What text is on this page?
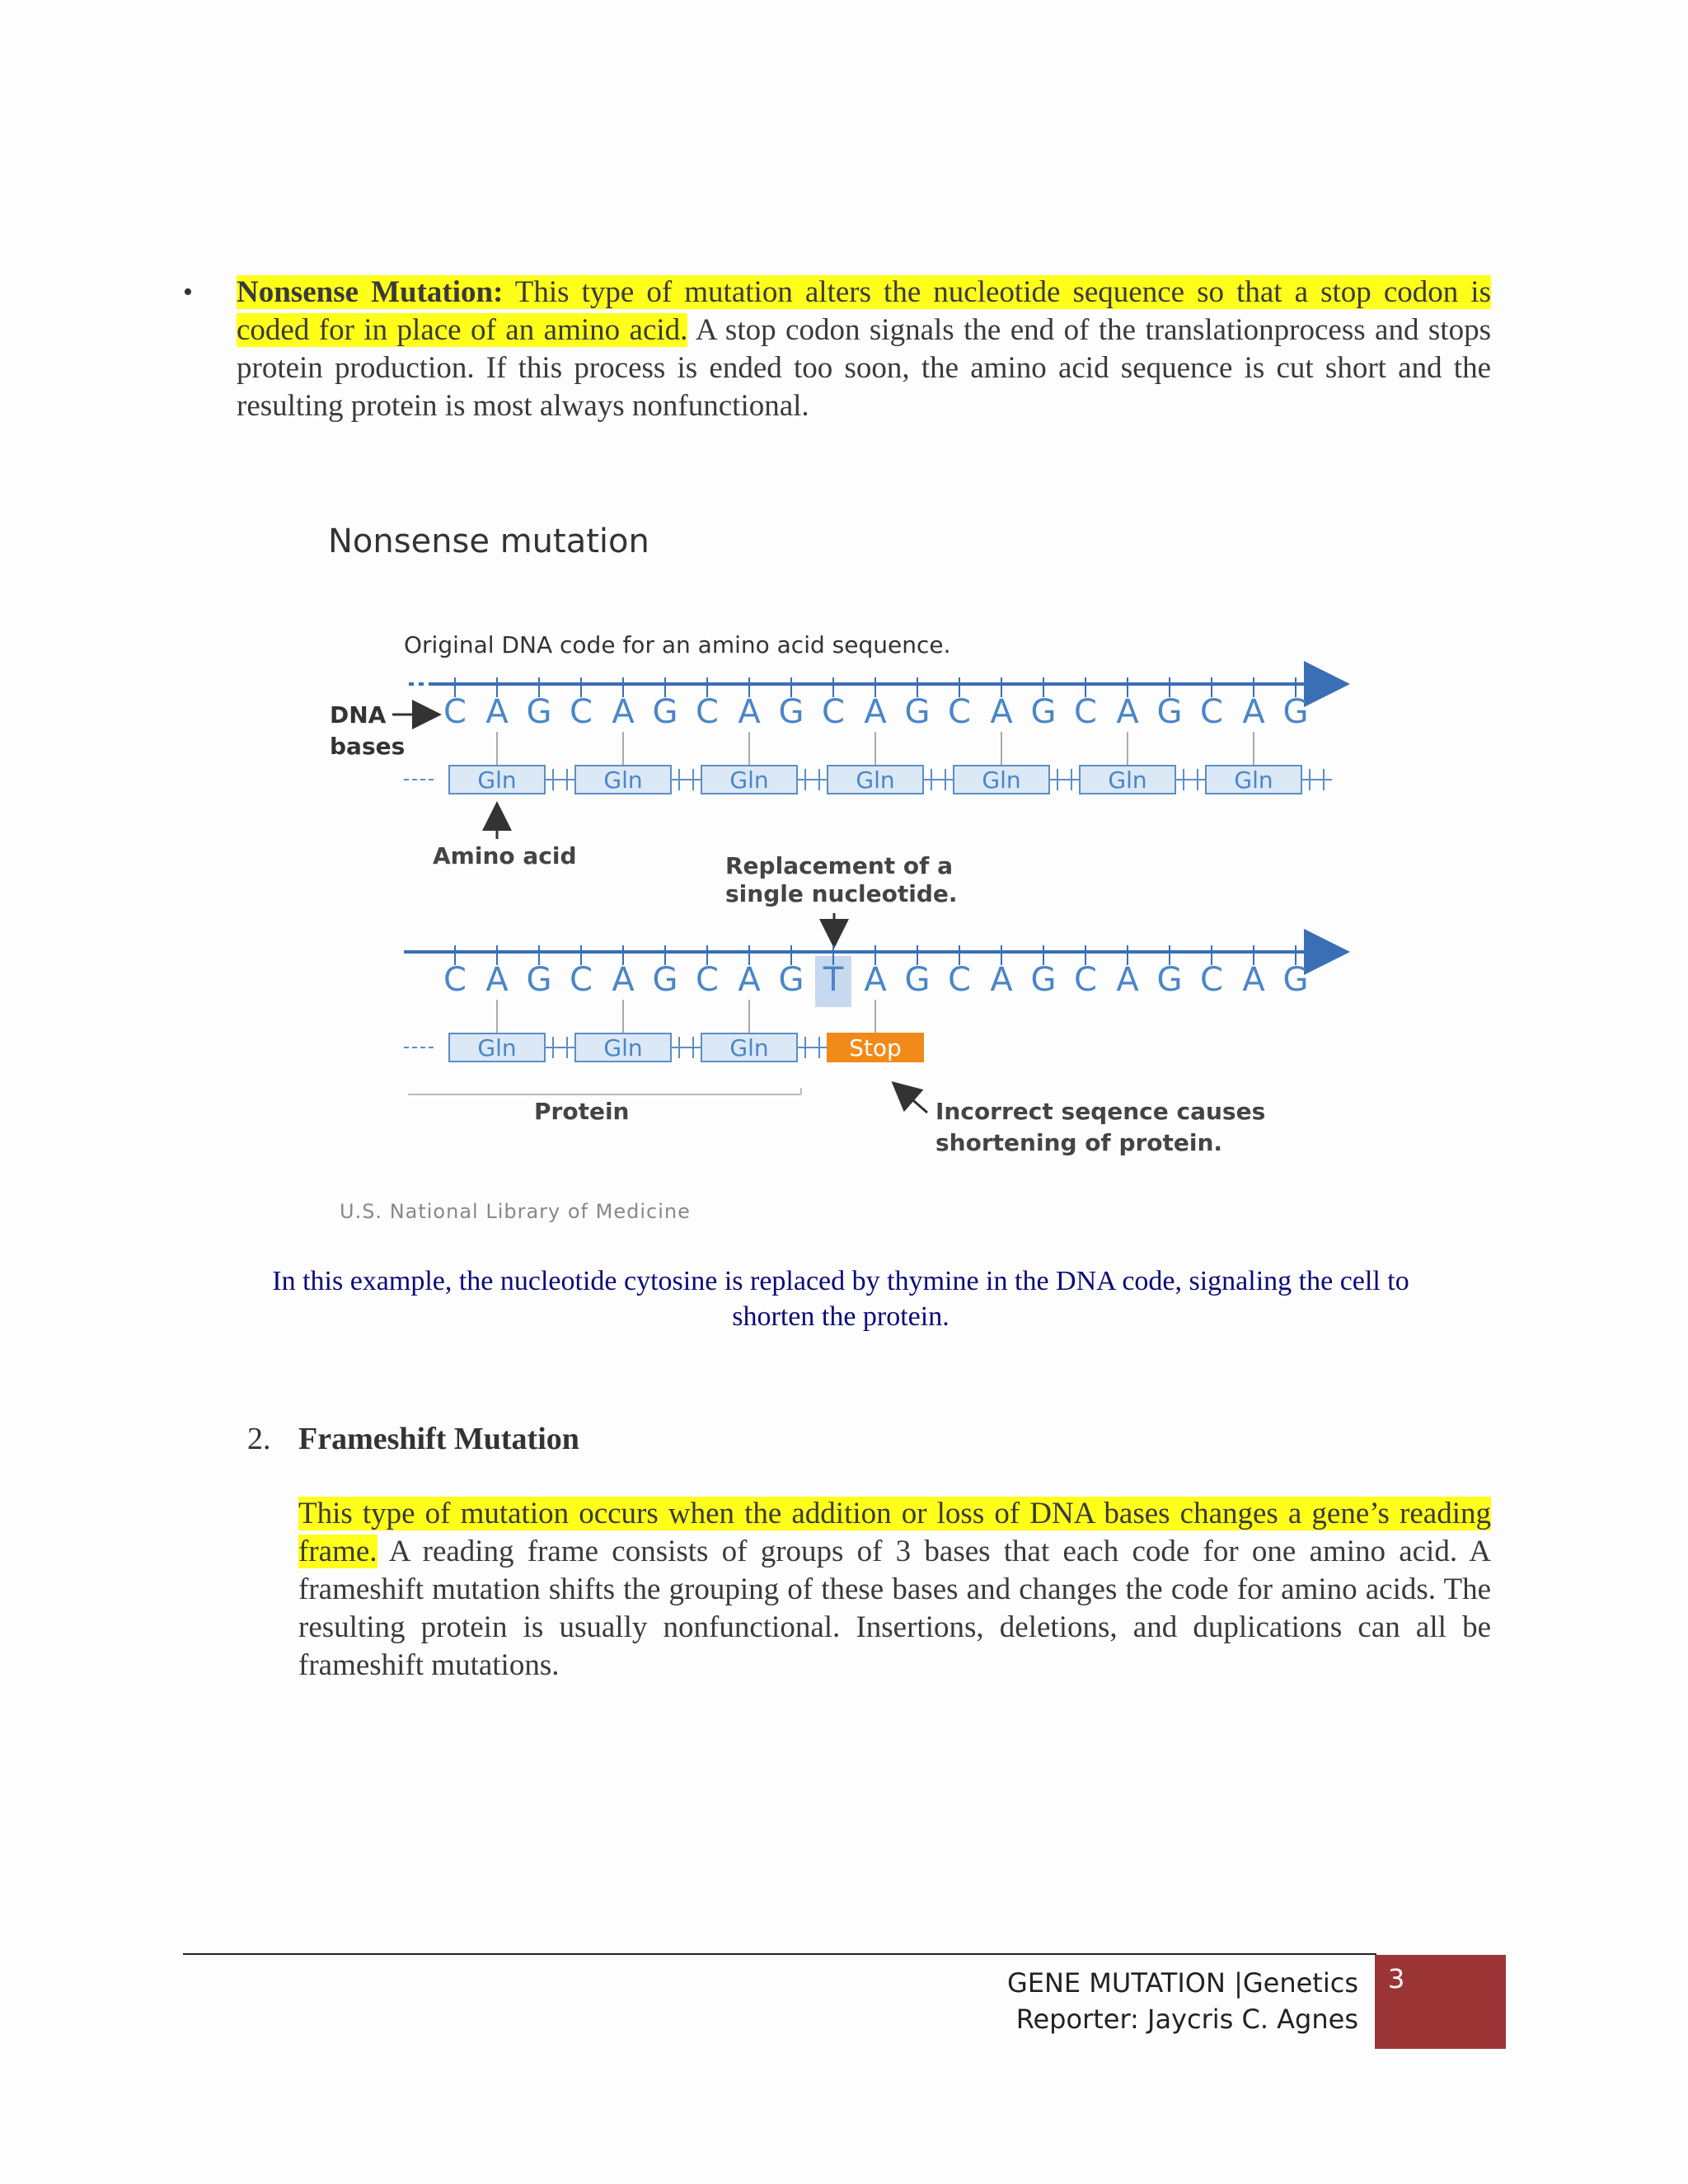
• Nonsense Mutation: This type of mutation alters the nucleotide sequence so that a stop codon is coded for in place of an amino acid. A stop codon signals the end of the translationprocess and stops protein production. If this process is ended too soon, the amino acid sequence is cut short and the resulting protein is most always nonfunctional.
Nonsense mutation
Original DNA code for an amino acid sequence.
C A G C A G C A G C A G C A G C A G C A G
DNA
bases
Gln	Gln	Gln	Gln	Gln	Gln	Gln
Amino acid	Replacement of a
single nucleotide.
C A G C A G C A G T A G C A G C A G C A G
Gln	Gln	Gln	Stop
Protein	Incorrect seqence causes
shortening of protein.
U.S. National Library of Medicine
In this example, the nucleotide cytosine is replaced by thymine in the DNA code, signaling the cell to
shorten the protein.
2. Frameshift Mutation
This type of mutation occurs when the addition or loss of DNA bases changes a gene’s reading frame. A reading frame consists of groups of 3 bases that each code for one amino acid. A frameshift mutation shifts the grouping of these bases and changes the code for amino acids. The resulting protein is usually nonfunctional. Insertions, deletions, and duplications can all be frameshift mutations.
GENE MUTATION |Genetics
Reporter: Jaycris C. Agnes
3
